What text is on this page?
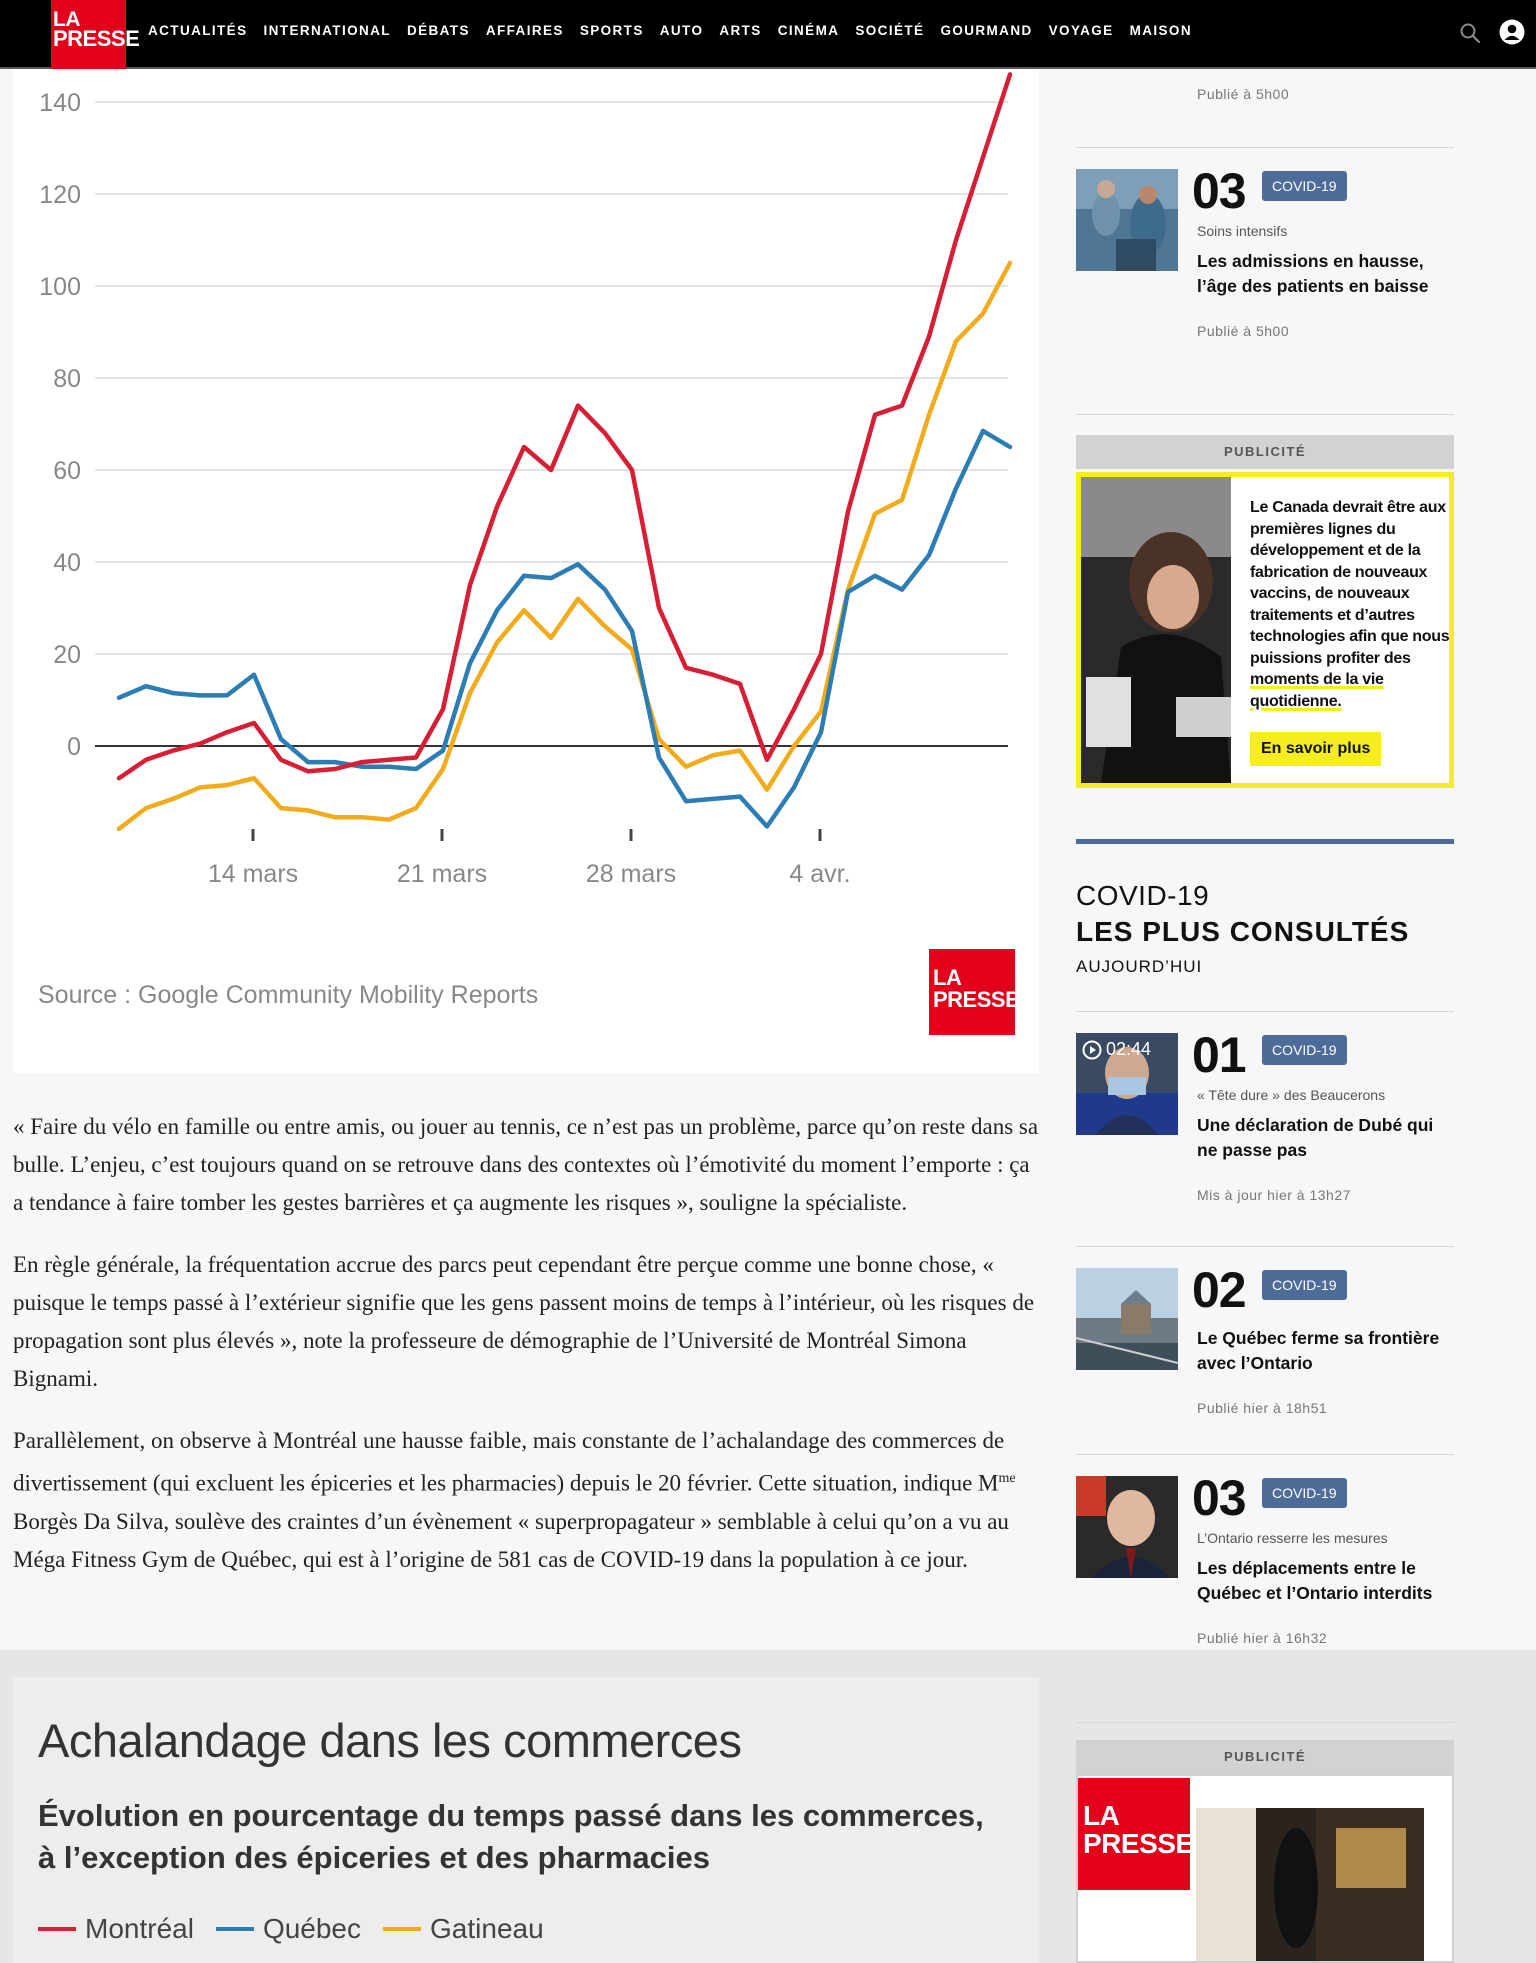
LA
PRESSE ACTUALITÉS INTERNATIONAL DÉBATS AFFAIRES SPORTS AUTO ARTS CINÉMA SOCIÉTÉ GOURMAND VOYAGE MAISON
0
20
40
60
80
100
120
140
14 mars	21 mars	28 mars	4 avr.
Source : Google Community Mobility Reports
LA
PRESSE

« Faire du vélo en famille ou entre amis, ou jouer au tennis, ce n’est pas un problème, parce qu’on reste dans sa bulle. L’enjeu, c’est toujours quand on se retrouve dans des contextes où l’émotivité du moment l’emporte : ça a tendance à faire tomber les gestes barrières et ça augmente les risques », souligne la spécialiste.

En règle générale, la fréquentation accrue des parcs peut cependant être perçue comme une bonne chose, « puisque le temps passé à l’extérieur signifie que les gens passent moins de temps à l’intérieur, où les risques de propagation sont plus élevés », note la professeure de démographie de l’Université de Montréal Simona Bignami.

Parallèlement, on observe à Montréal une hausse faible, mais constante de l’achalandage des commerces de divertissement (qui excluent les épiceries et les pharmacies) depuis le 20 février. Cette situation, indique $M^{me}$ Borgès Da Silva, soulève des craintes d’un évènement « superpropagateur » semblable à celui qu’on a vu au Méga Fitness Gym de Québec, qui est à l’origine de 581 cas de COVID-19 dans la population à ce jour.

Publié à 5h00
03	COVID-19
Soins intensifs
Les admissions en hausse, l’âge des patients en baisse
Publié à 5h00
PUBLICITÉ
Le Canada devrait être aux premières lignes du développement et de la fabrication de nouveaux vaccins, de nouveaux traitements et d’autres technologies afin que nous puissions profiter des moments de la vie quotidienne.
En savoir plus
COVID-19
LES PLUS CONSULTÉS
AUJOURD’HUI
02:44 01	COVID-19
« Tête dure » des Beaucerons
Une déclaration de Dubé qui ne passe pas
Mis à jour hier à 13h27
02	COVID-19
Le Québec ferme sa frontière avec l’Ontario
Publié hier à 18h51
03	COVID-19
L’Ontario resserre les mesures
Les déplacements entre le Québec et l’Ontario interdits
Publié hier à 16h32
Achalandage dans les commerces
Évolution en pourcentage du temps passé dans les commerces, à l’exception des épiceries et des pharmacies
Montréal Québec Gatineau
PUBLICITÉ
LA
PRESSE
